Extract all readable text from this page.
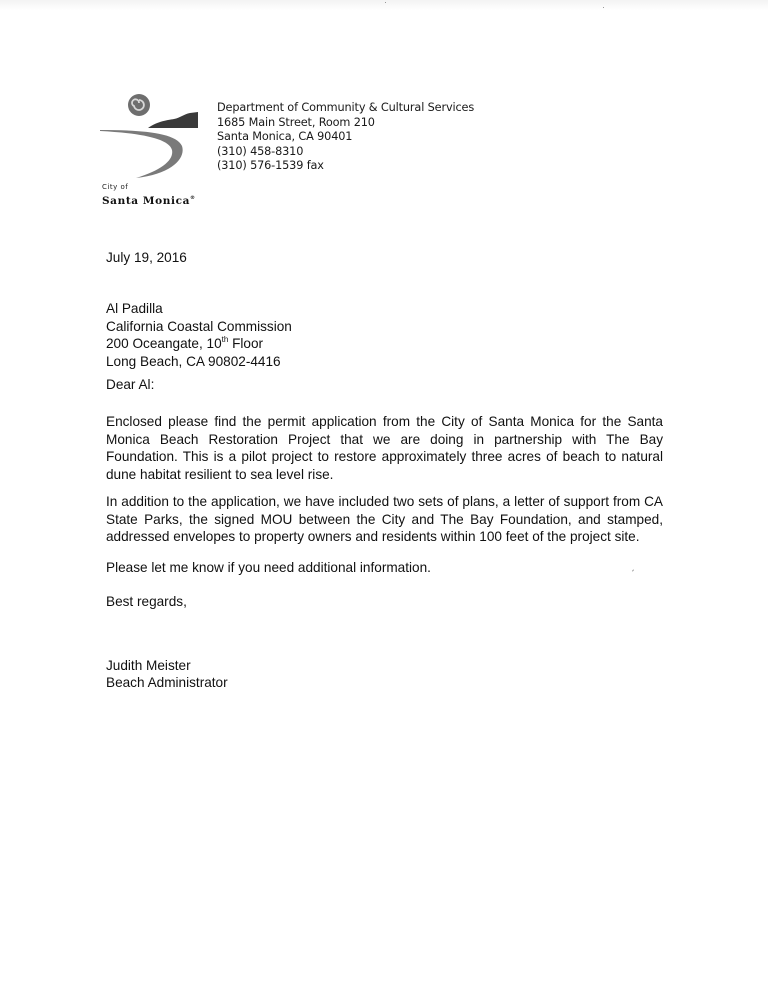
City of
Santa Monica®
Department of Community & Cultural Services
1685 Main Street, Room 210
Santa Monica, CA 90401
(310) 458-8310
(310) 576-1539 fax
July 19, 2016
Al Padilla
California Coastal Commission
200 Oceangate, 10th Floor
Long Beach, CA 90802-4416
Dear Al:
Enclosed please find the permit application from the City of Santa Monica for the Santa Monica Beach Restoration Project that we are doing in partnership with The Bay Foundation. This is a pilot project to restore approximately three acres of beach to natural dune habitat resilient to sea level rise.
In addition to the application, we have included two sets of plans, a letter of support from CA State Parks, the signed MOU between the City and The Bay Foundation, and stamped, addressed envelopes to property owners and residents within 100 feet of the project site.
Please let me know if you need additional information.
Best regards,
Judith Meister
Beach Administrator
